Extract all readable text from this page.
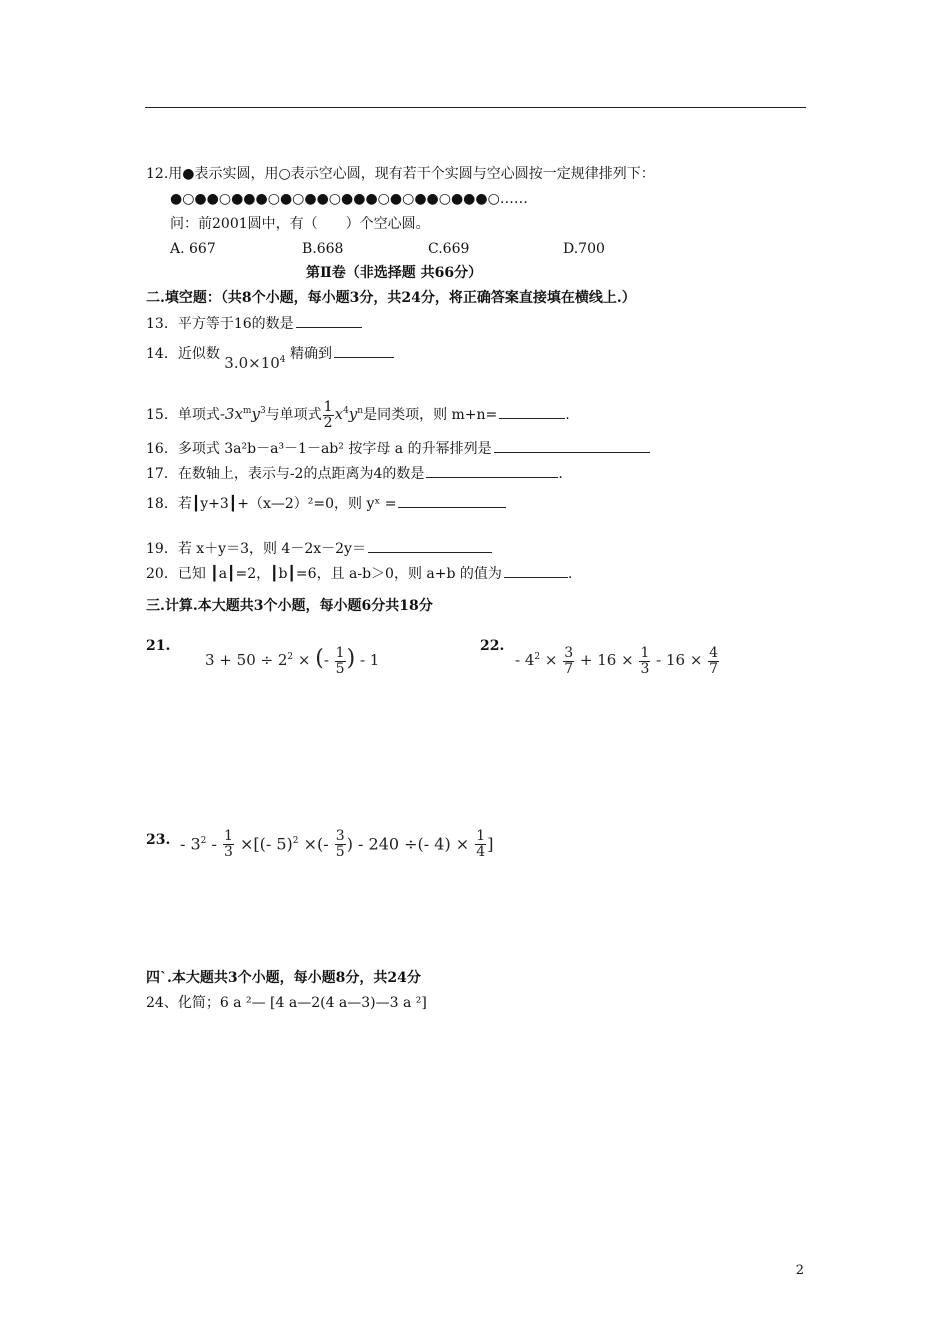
12.用●表示实圆，用○表示空心圆，现有若干个实圆与空心圆按一定规律排列下：
●○●●○●●●○●○●●○●●●○●○●●○●●●○……
问：前2001圆中，有（　　）个空心圆。
A. 667	B.668	C.669	D.700
第Ⅱ卷（非选择题 共66分）
二.填空题：（共8个小题，每小题3分，共24分，将正确答案直接填在横线上.）
13．平方等于16的数是
14．近似数 $3.0\times 10^4$ 精确到
15．单项式$-3x^my^3$与单项式 $\frac{1}{2} x^4y^n$是同类项，则 m+n=	.
16．多项式 3a²b－a³－1－ab² 按字母 a 的升幂排列是
17．在数轴上，表示与-2的点距离为4的数是	.
18．若┃y+3┃+（x—2）²=0，则 yˣ =
19．若 x＋y＝3，则 4－2x－2y＝
20．已知 ┃a┃=2，┃b┃=6，且 a-b＞0，则 a+b 的值为	.
三.计算.本大题共3个小题，每小题6分共18分
21.
$3 + 50 \div 2^2$ × (- $\frac{1}{5}$ ) - 1
22.
- $4^2 \times \frac{3}{7} + 16 \times \frac{1}{3} - 16 \times \frac{4}{7}$
23. - $3^2 - \frac{1}{3}$ ×[(- 5)$^2$ ×(- $\frac{3}{5}$ ) - 240 ÷(- $4) \times \frac{1}{4}$ ]
四`.本大题共3个小题，每小题8分，共24分
24、化简；6 a ²— [4 a—2(4 a—3)—3 a ²]
2
